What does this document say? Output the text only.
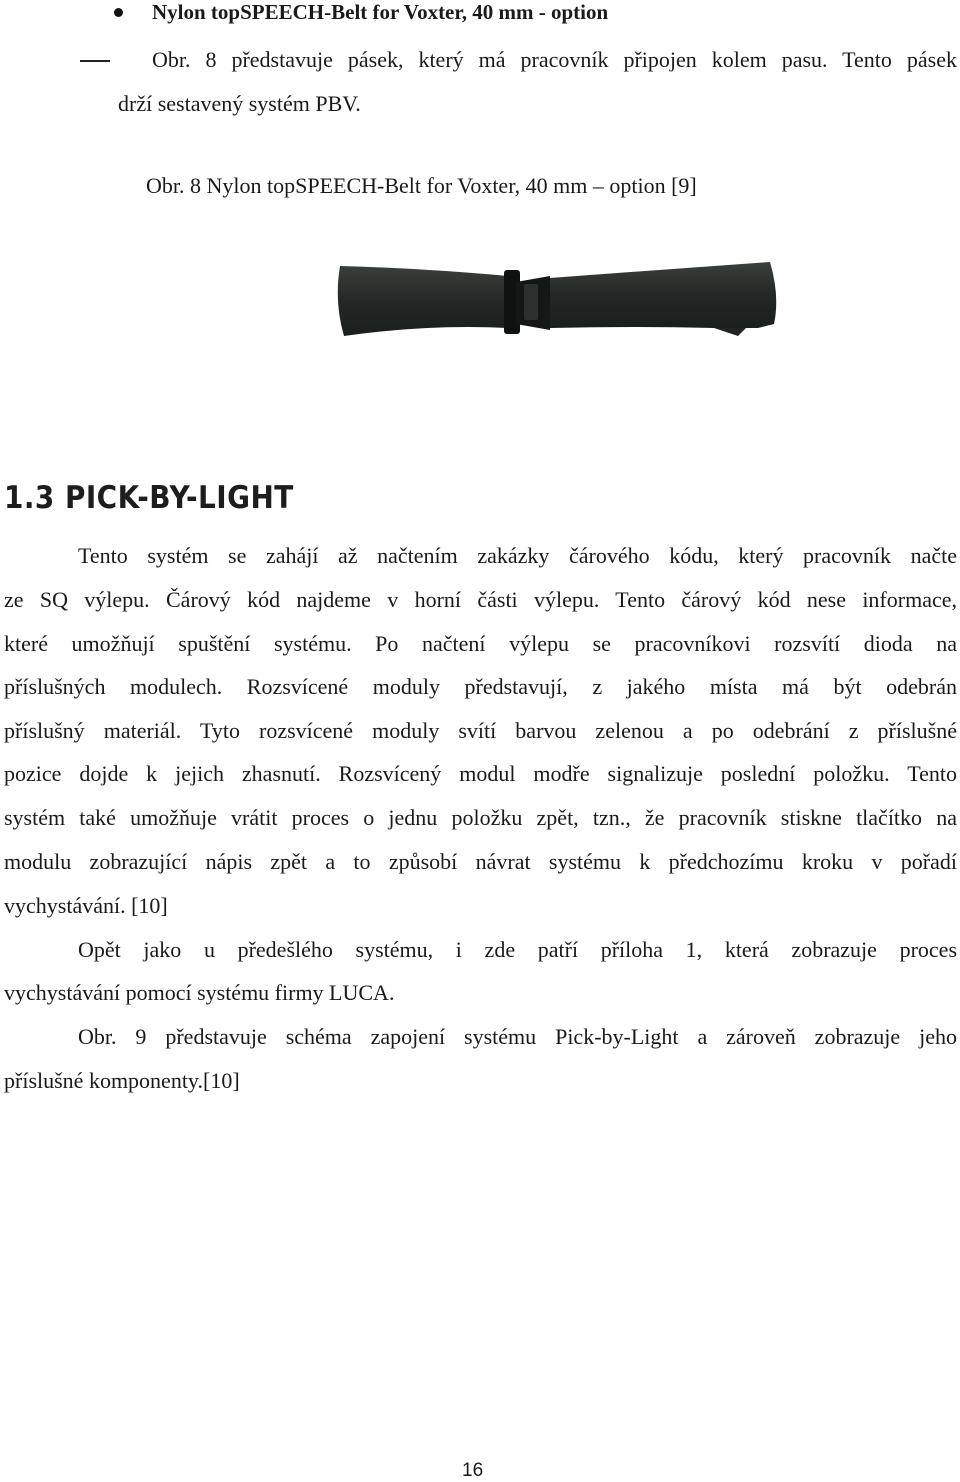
Nylon topSPEECH-Belt for Voxter, 40 mm - option
Obr. 8 představuje pásek, který má pracovník připojen kolem pasu. Tento pásek
drží sestavený systém PBV.
Obr. 8 Nylon topSPEECH-Belt for Voxter, 40 mm – option [9]
1.3 PICK-BY-LIGHT
Tento systém se zahájí až načtením zakázky čárového kódu, který pracovník načte
ze SQ výlepu. Čárový kód najdeme v horní části výlepu. Tento čárový kód nese informace,
které umožňují spuštění systému. Po načtení výlepu se pracovníkovi rozsvítí dioda na
příslušných modulech. Rozsvícené moduly představují, z jakého místa má být odebrán
příslušný materiál. Tyto rozsvícené moduly svítí barvou zelenou a po odebrání z příslušné
pozice dojde k jejich zhasnutí. Rozsvícený modul modře signalizuje poslední položku. Tento
systém také umožňuje vrátit proces o jednu položku zpět, tzn., že pracovník stiskne tlačítko na
modulu zobrazující nápis zpět a to způsobí návrat systému k předchozímu kroku v pořadí
vychystávání. [10]
Opět jako u předešlého systému, i zde patří příloha 1, která zobrazuje proces
vychystávání pomocí systému firmy LUCA.
Obr. 9 představuje schéma zapojení systému Pick-by-Light a zároveň zobrazuje jeho
příslušné komponenty.[10]
16
